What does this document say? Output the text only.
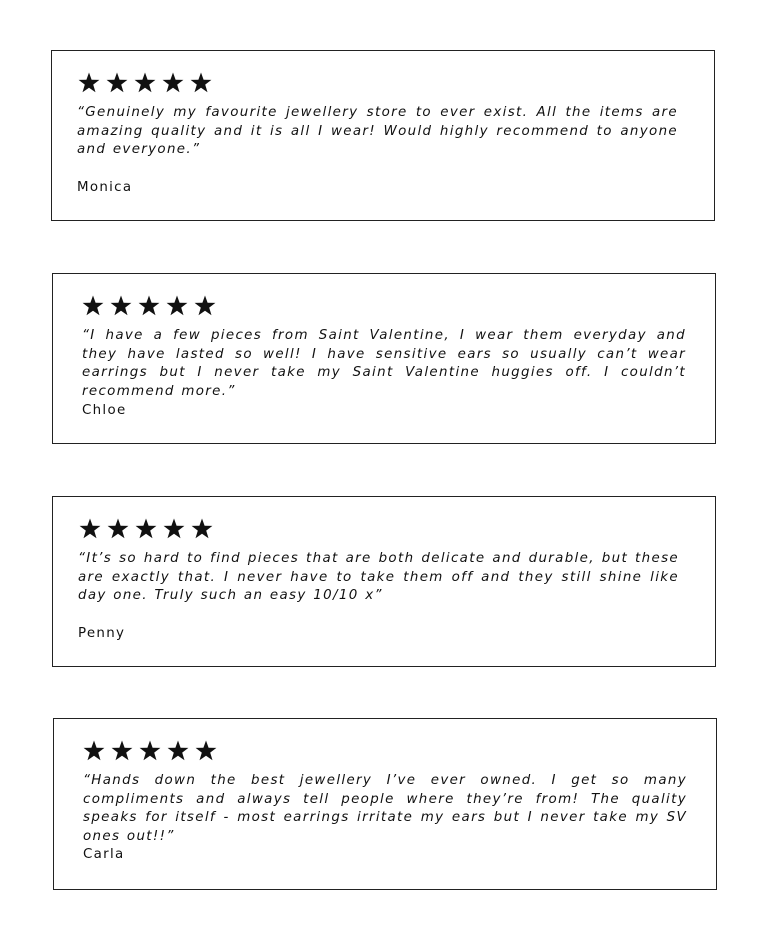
“Genuinely my favourite jewellery store to ever exist. All the items are amazing quality and it is all I wear! Would highly recommend to anyone and everyone.”

Monica

“I have a few pieces from Saint Valentine, I wear them everyday and they have lasted so well! I have sensitive ears so usually can’t wear earrings but I never take my Saint Valentine huggies off. I couldn’t recommend more.”

Chloe

“It’s so hard to find pieces that are both delicate and durable, but these are exactly that. I never have to take them off and they still shine like day one. Truly such an easy 10/10 x”

Penny

“Hands down the best jewellery I’ve ever owned. I get so many compliments and always tell people where they’re from! The quality speaks for itself - most earrings irritate my ears but I never take my SV ones out!!”

Carla
